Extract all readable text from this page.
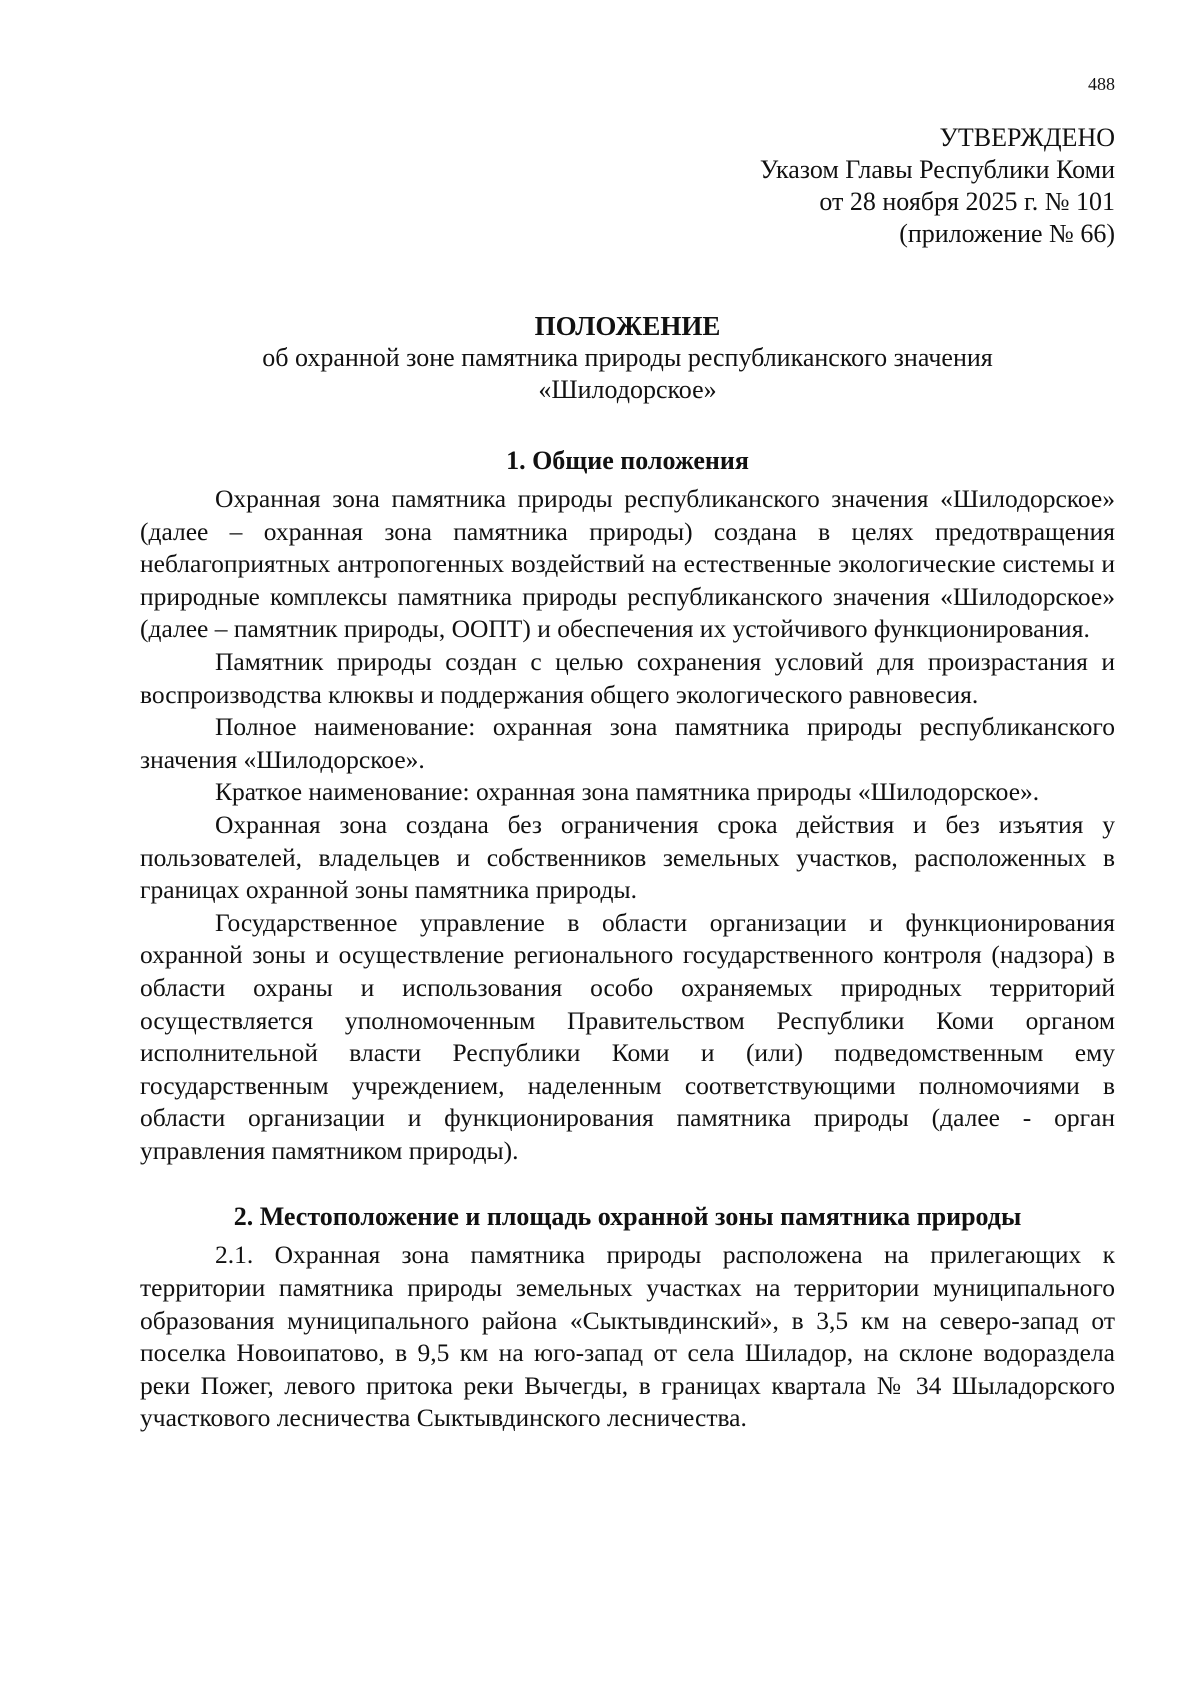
488
УТВЕРЖДЕНО
Указом Главы Республики Коми
от 28 ноября 2025 г. № 101
(приложение № 66)
ПОЛОЖЕНИЕ
об охранной зоне памятника природы республиканского значения
«Шилодорское»
1. Общие положения

Охранная зона памятника природы республиканского значения «Шилодорское» (далее – охранная зона памятника природы) создана в целях предотвращения неблагоприятных антропогенных воздействий на естественные экологические системы и природные комплексы памятника природы республиканского значения «Шилодорское» (далее – памятник природы, ООПТ) и обеспечения их устойчивого функционирования.

Памятник природы создан с целью сохранения условий для произрастания и воспроизводства клюквы и поддержания общего экологического равновесия.

Полное наименование: охранная зона памятника природы республиканского значения «Шилодорское».

Краткое наименование: охранная зона памятника природы «Шилодорское».

Охранная зона создана без ограничения срока действия и без изъятия у пользователей, владельцев и собственников земельных участков, расположенных в границах охранной зоны памятника природы.

Государственное управление в области организации и функционирования охранной зоны и осуществление регионального государственного контроля (надзора) в области охраны и использования особо охраняемых природных территорий осуществляется уполномоченным Правительством Республики Коми органом исполнительной власти Республики Коми и (или) подведомственным ему государственным учреждением, наделенным соответствующими полномочиями в области организации и функционирования памятника природы (далее - орган управления памятником природы).

2. Местоположение и площадь охранной зоны памятника природы

2.1. Охранная зона памятника природы расположена на прилегающих к территории памятника природы земельных участках на территории муниципального образования муниципального района «Сыктывдинский», в 3,5 км на северо-запад от поселка Новоипатово, в 9,5 км на юго-запад от села Шиладор, на склоне водораздела реки Пожег, левого притока реки Вычегды, в границах квартала № 34 Шыладорского участкового лесничества Сыктывдинского лесничества.
